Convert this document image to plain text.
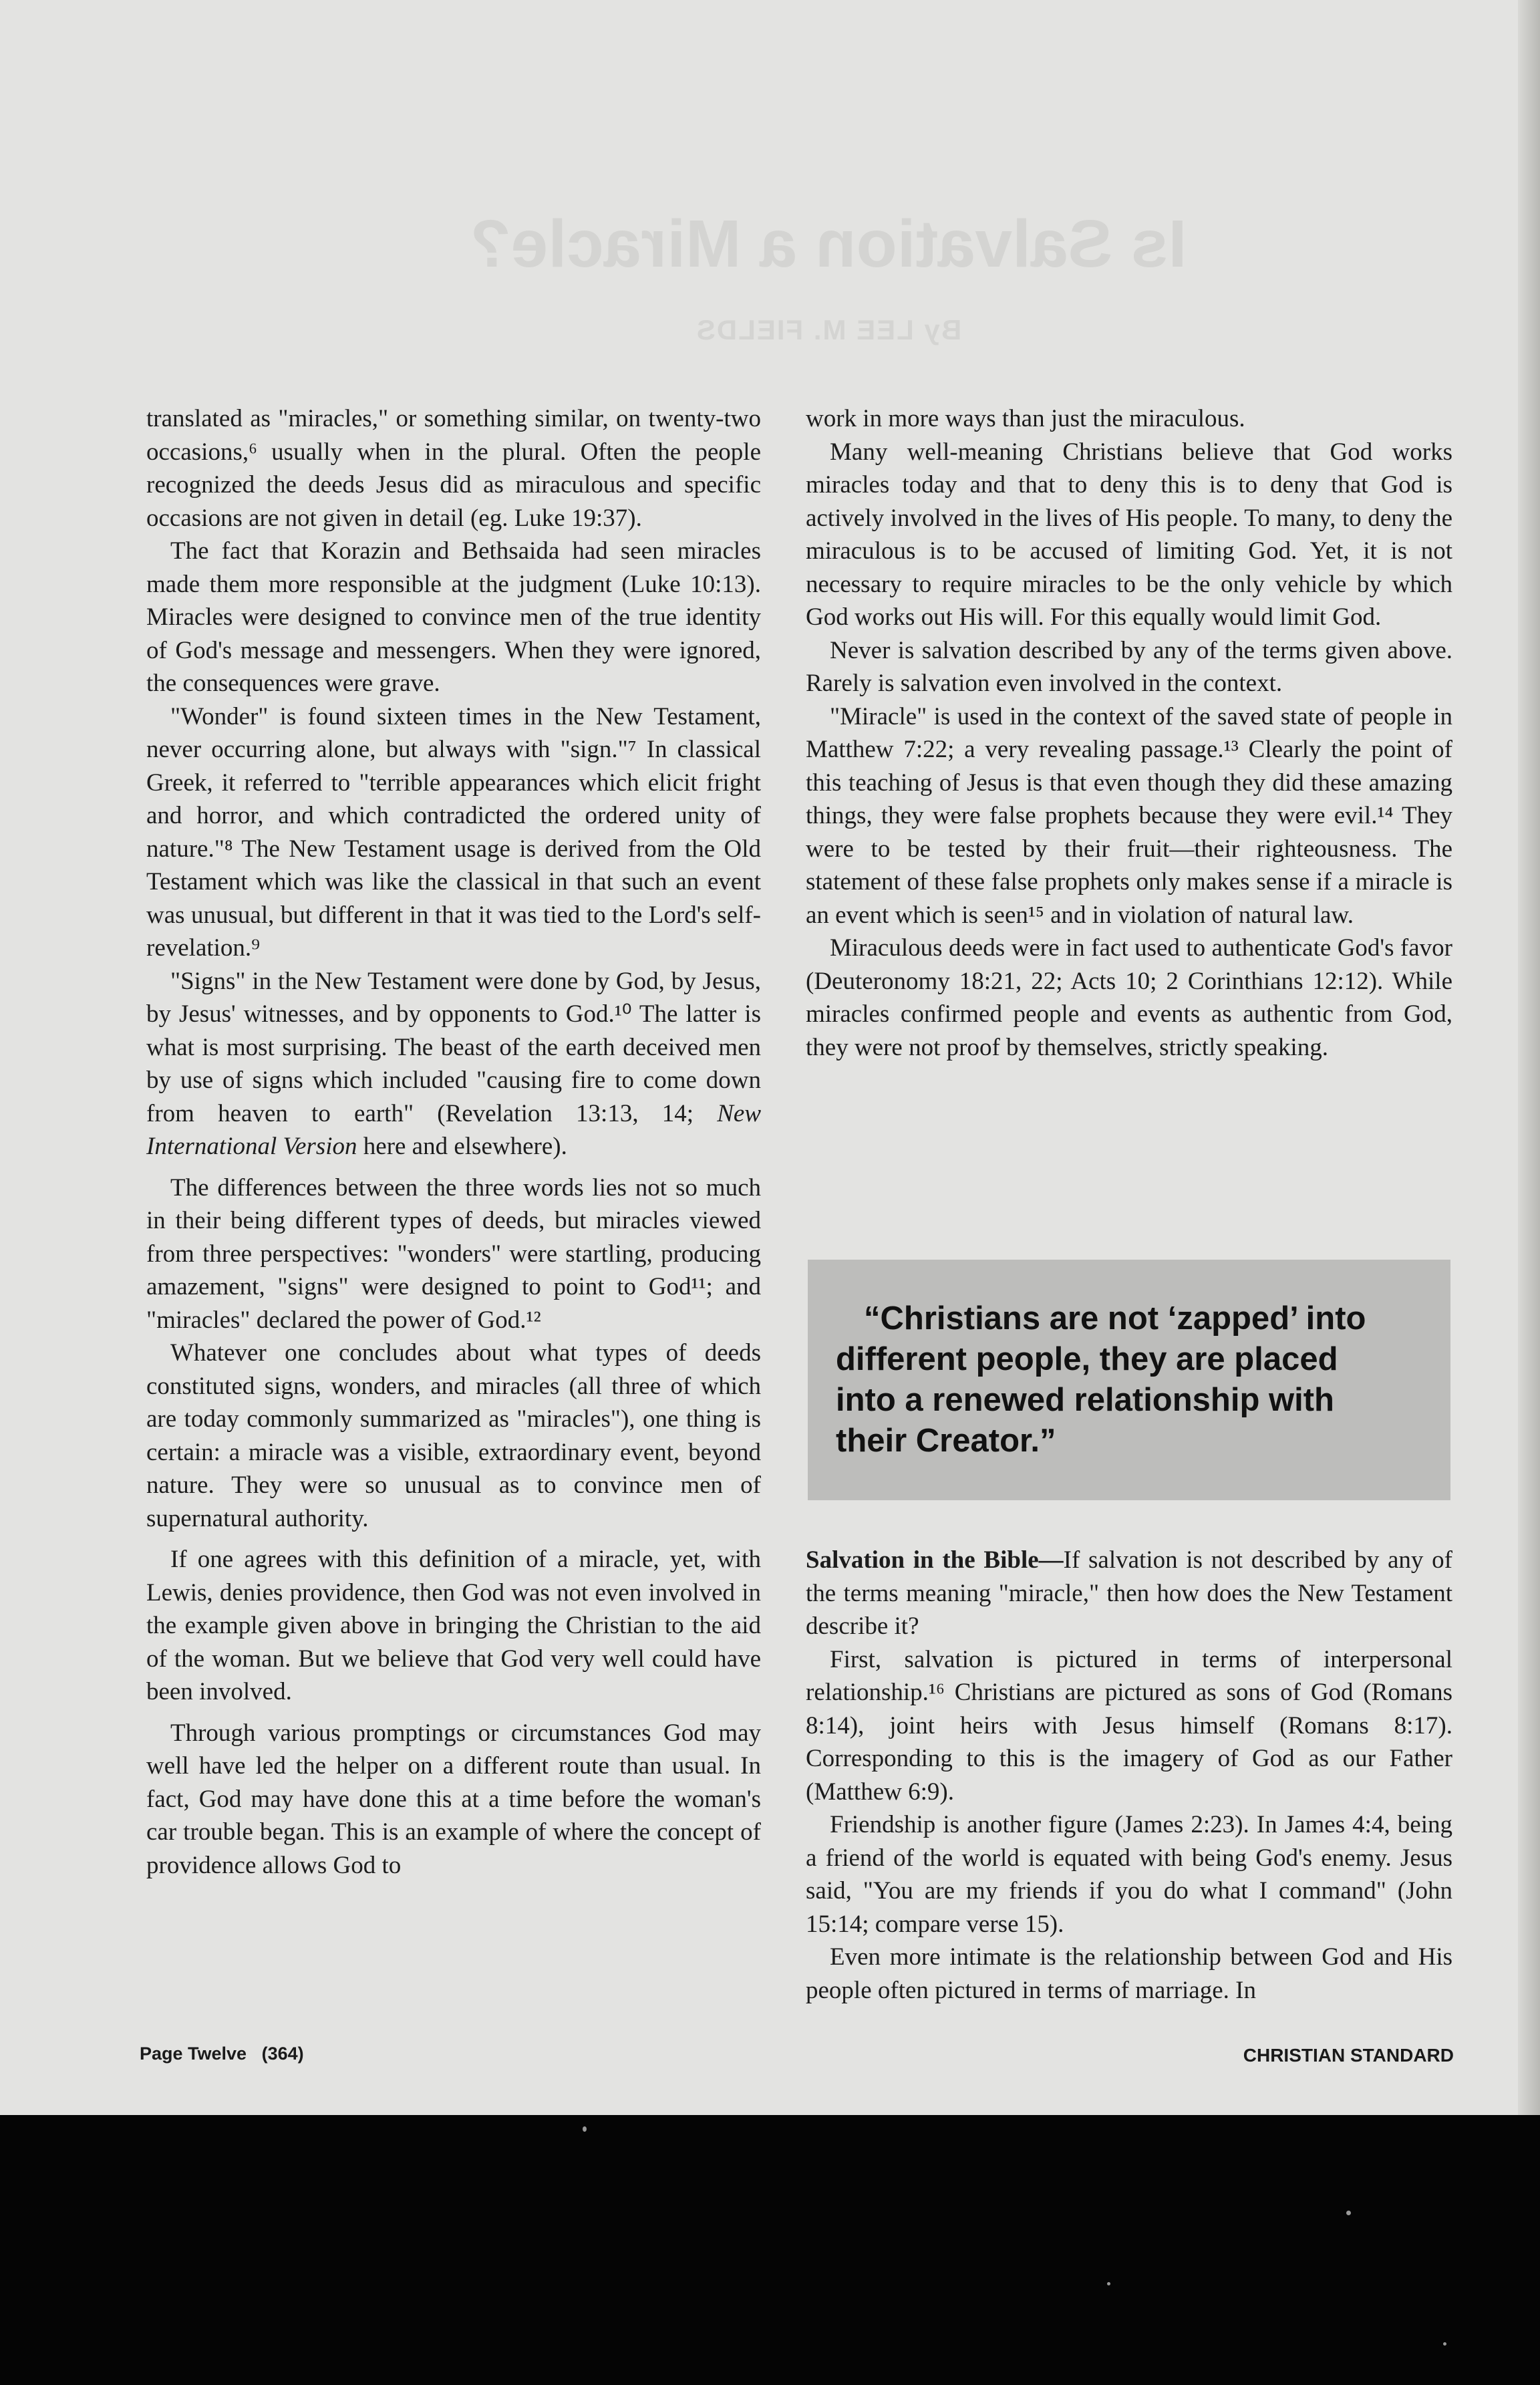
Is Salvation a Miracle?
By LEE M. FIELDS

translated as "miracles," or something similar, on twenty-two occasions,⁶ usually when in the plural. Often the people recognized the deeds Jesus did as miraculous and specific occasions are not given in detail (eg. Luke 19:37).

The fact that Korazin and Bethsaida had seen miracles made them more responsible at the judgment (Luke 10:13). Miracles were designed to convince men of the true identity of God's message and messengers. When they were ignored, the consequences were grave.

"Wonder" is found sixteen times in the New Testament, never occurring alone, but always with "sign."⁷ In classical Greek, it referred to "terrible appearances which elicit fright and horror, and which contradicted the ordered unity of nature."⁸ The New Testament usage is derived from the Old Testament which was like the classical in that such an event was unusual, but different in that it was tied to the Lord's self-revelation.⁹

"Signs" in the New Testament were done by God, by Jesus, by Jesus' witnesses, and by opponents to God.¹⁰ The latter is what is most surprising. The beast of the earth deceived men by use of signs which included "causing fire to come down from heaven to earth" (Revelation 13:13, 14; New International Version here and elsewhere).

The differences between the three words lies not so much in their being different types of deeds, but miracles viewed from three perspectives: "wonders" were startling, producing amazement, "signs" were designed to point to God¹¹; and "miracles" declared the power of God.¹²

Whatever one concludes about what types of deeds constituted signs, wonders, and miracles (all three of which are today commonly summarized as "miracles"), one thing is certain: a miracle was a visible, extraordinary event, beyond nature. They were so unusual as to convince men of supernatural authority.

If one agrees with this definition of a miracle, yet, with Lewis, denies providence, then God was not even involved in the example given above in bringing the Christian to the aid of the woman. But we believe that God very well could have been involved.

Through various promptings or circumstances God may well have led the helper on a different route than usual. In fact, God may have done this at a time before the woman's car trouble began. This is an example of where the concept of providence allows God to

work in more ways than just the miraculous.

Many well-meaning Christians believe that God works miracles today and that to deny this is to deny that God is actively involved in the lives of His people. To many, to deny the miraculous is to be accused of limiting God. Yet, it is not necessary to require miracles to be the only vehicle by which God works out His will. For this equally would limit God.

Never is salvation described by any of the terms given above. Rarely is salvation even involved in the context.

"Miracle" is used in the context of the saved state of people in Matthew 7:22; a very revealing passage.¹³ Clearly the point of this teaching of Jesus is that even though they did these amazing things, they were false prophets because they were evil.¹⁴ They were to be tested by their fruit—their righteousness. The statement of these false prophets only makes sense if a miracle is an event which is seen¹⁵ and in violation of natural law.

Miraculous deeds were in fact used to authenticate God's favor (Deuteronomy 18:21, 22; Acts 10; 2 Corinthians 12:12). While miracles confirmed people and events as authentic from God, they were not proof by themselves, strictly speaking.

“Christians are not ‘zapped’ into
different people, they are placed
into a renewed relationship with
their Creator.”

Salvation in the Bible—If salvation is not described by any of the terms meaning "miracle," then how does the New Testament describe it?

First, salvation is pictured in terms of interpersonal relationship.¹⁶ Christians are pictured as sons of God (Romans 8:14), joint heirs with Jesus himself (Romans 8:17). Corresponding to this is the imagery of God as our Father (Matthew 6:9).

Friendship is another figure (James 2:23). In James 4:4, being a friend of the world is equated with being God's enemy. Jesus said, "You are my friends if you do what I command" (John 15:14; compare verse 15).

Even more intimate is the relationship between God and His people often pictured in terms of marriage. In

Page Twelve   (364)	CHRISTIAN STANDARD
